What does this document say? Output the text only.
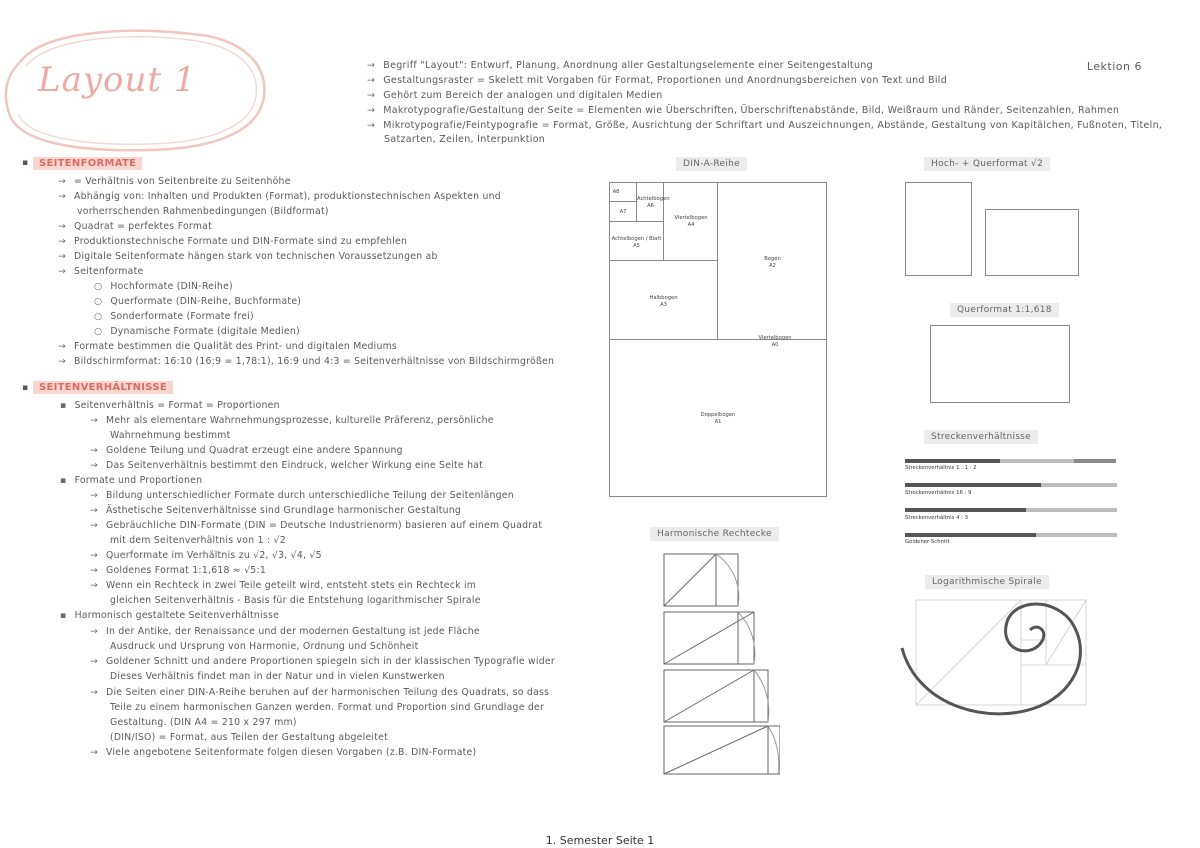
Layout 1	→ Begriff "Layout": Entwurf, Planung, Anordnung aller Gestaltungselemente einer Seitengestaltung
→ Gestaltungsraster = Skelett mit Vorgaben für Format, Proportionen und Anordnungsbereichen von Text und Bild
→ Gehört zum Bereich der analogen und digitalen Medien
→ Makrotypografie/Gestaltung der Seite = Elementen wie Überschriften, Überschriftenabstände, Bild, Weißraum und Ränder, Seitenzahlen, Rahmen
→ Mikrotypografie/Feintypografie = Format, Größe, Ausrichtung der Schriftart und Auszeichnungen, Abstände, Gestaltung von Kapitälchen, Fußnoten, Titeln,
Satzarten, Zeilen, Interpunktion
Lektion 6
▪	SEITENFORMATE
→ = Verhältnis von Seitenbreite zu Seitenhöhe
→ Abhängig von: Inhalten und Produkten (Format), produktionstechnischen Aspekten und
vorherrschenden Rahmenbedingungen (Bildformat)
→ Quadrat = perfektes Format
→ Produktionstechnische Formate und DIN-Formate sind zu empfehlen
→ Digitale Seitenformate hängen stark von technischen Voraussetzungen ab
→ Seitenformate
○ Hochformate (DIN-Reihe)
○ Querformate (DIN-Reihe, Buchformate)
○ Sonderformate (Formate frei)
○ Dynamische Formate (digitale Medien)
→ Formate bestimmen die Qualität des Print- und digitalen Mediums
→ Bildschirmformat: 16:10 (16:9 = 1,78:1), 16:9 und 4:3 = Seitenverhältnisse von Bildschirmgrößen
▪	SEITENVERHÄLTNISSE
▪ Seitenverhältnis = Format = Proportionen
→ Mehr als elementare Wahrnehmungsprozesse, kulturelle Präferenz, persönliche
Wahrnehmung bestimmt
→ Goldene Teilung und Quadrat erzeugt eine andere Spannung
→ Das Seitenverhältnis bestimmt den Eindruck, welcher Wirkung eine Seite hat
▪ Formate und Proportionen
→ Bildung unterschiedlicher Formate durch unterschiedliche Teilung der Seitenlängen
→ Ästhetische Seitenverhältnisse sind Grundlage harmonischer Gestaltung
→ Gebräuchliche DIN-Formate (DIN = Deutsche Industrienorm) basieren auf einem Quadrat
mit dem Seitenverhältnis von 1 : √2
→ Querformate im Verhältnis zu √2, √3, √4, √5
→ Goldenes Format 1:1,618 ≈ √5:1
→ Wenn ein Rechteck in zwei Teile geteilt wird, entsteht stets ein Rechteck im
gleichen Seitenverhältnis - Basis für die Entstehung logarithmischer Spirale
▪ Harmonisch gestaltete Seitenverhältnisse
→ In der Antike, der Renaissance und der modernen Gestaltung ist jede Fläche
Ausdruck und Ursprung von Harmonie, Ordnung und Schönheit
→ Goldener Schnitt und andere Proportionen spiegeln sich in der klassischen Typografie wider
Dieses Verhältnis findet man in der Natur und in vielen Kunstwerken
→ Die Seiten einer DIN-A-Reihe beruhen auf der harmonischen Teilung des Quadrats, so dass
Teile zu einem harmonischen Ganzen werden. Format und Proportion sind Grundlage der
Gestaltung. (DIN A4 = 210 x 297 mm)
(DIN/ISO) = Format, aus Teilen der Gestaltung abgeleitet
→ Viele angebotene Seitenformate folgen diesen Vorgaben (z.B. DIN-Formate)
DIN-A-Reihe
A8
Achtelbogen
A6
A7
Viertelbogen
A4
Achtelbogen / Blatt
A5
Bogen
A2
Halbbogen
A3
Viertelbogen
A0
Doppelbogen
A1
Hoch- + Querformat √2
Querformat 1:1,618
Streckenverhältnisse
Streckenverhältnis 1 : 1 : 2
Streckenverhältnis 16 : 9
Streckenverhältnis 4 : 3
Goldener Schnitt
Harmonische Rechtecke
Logarithmische Spirale
1. Semester Seite 1
